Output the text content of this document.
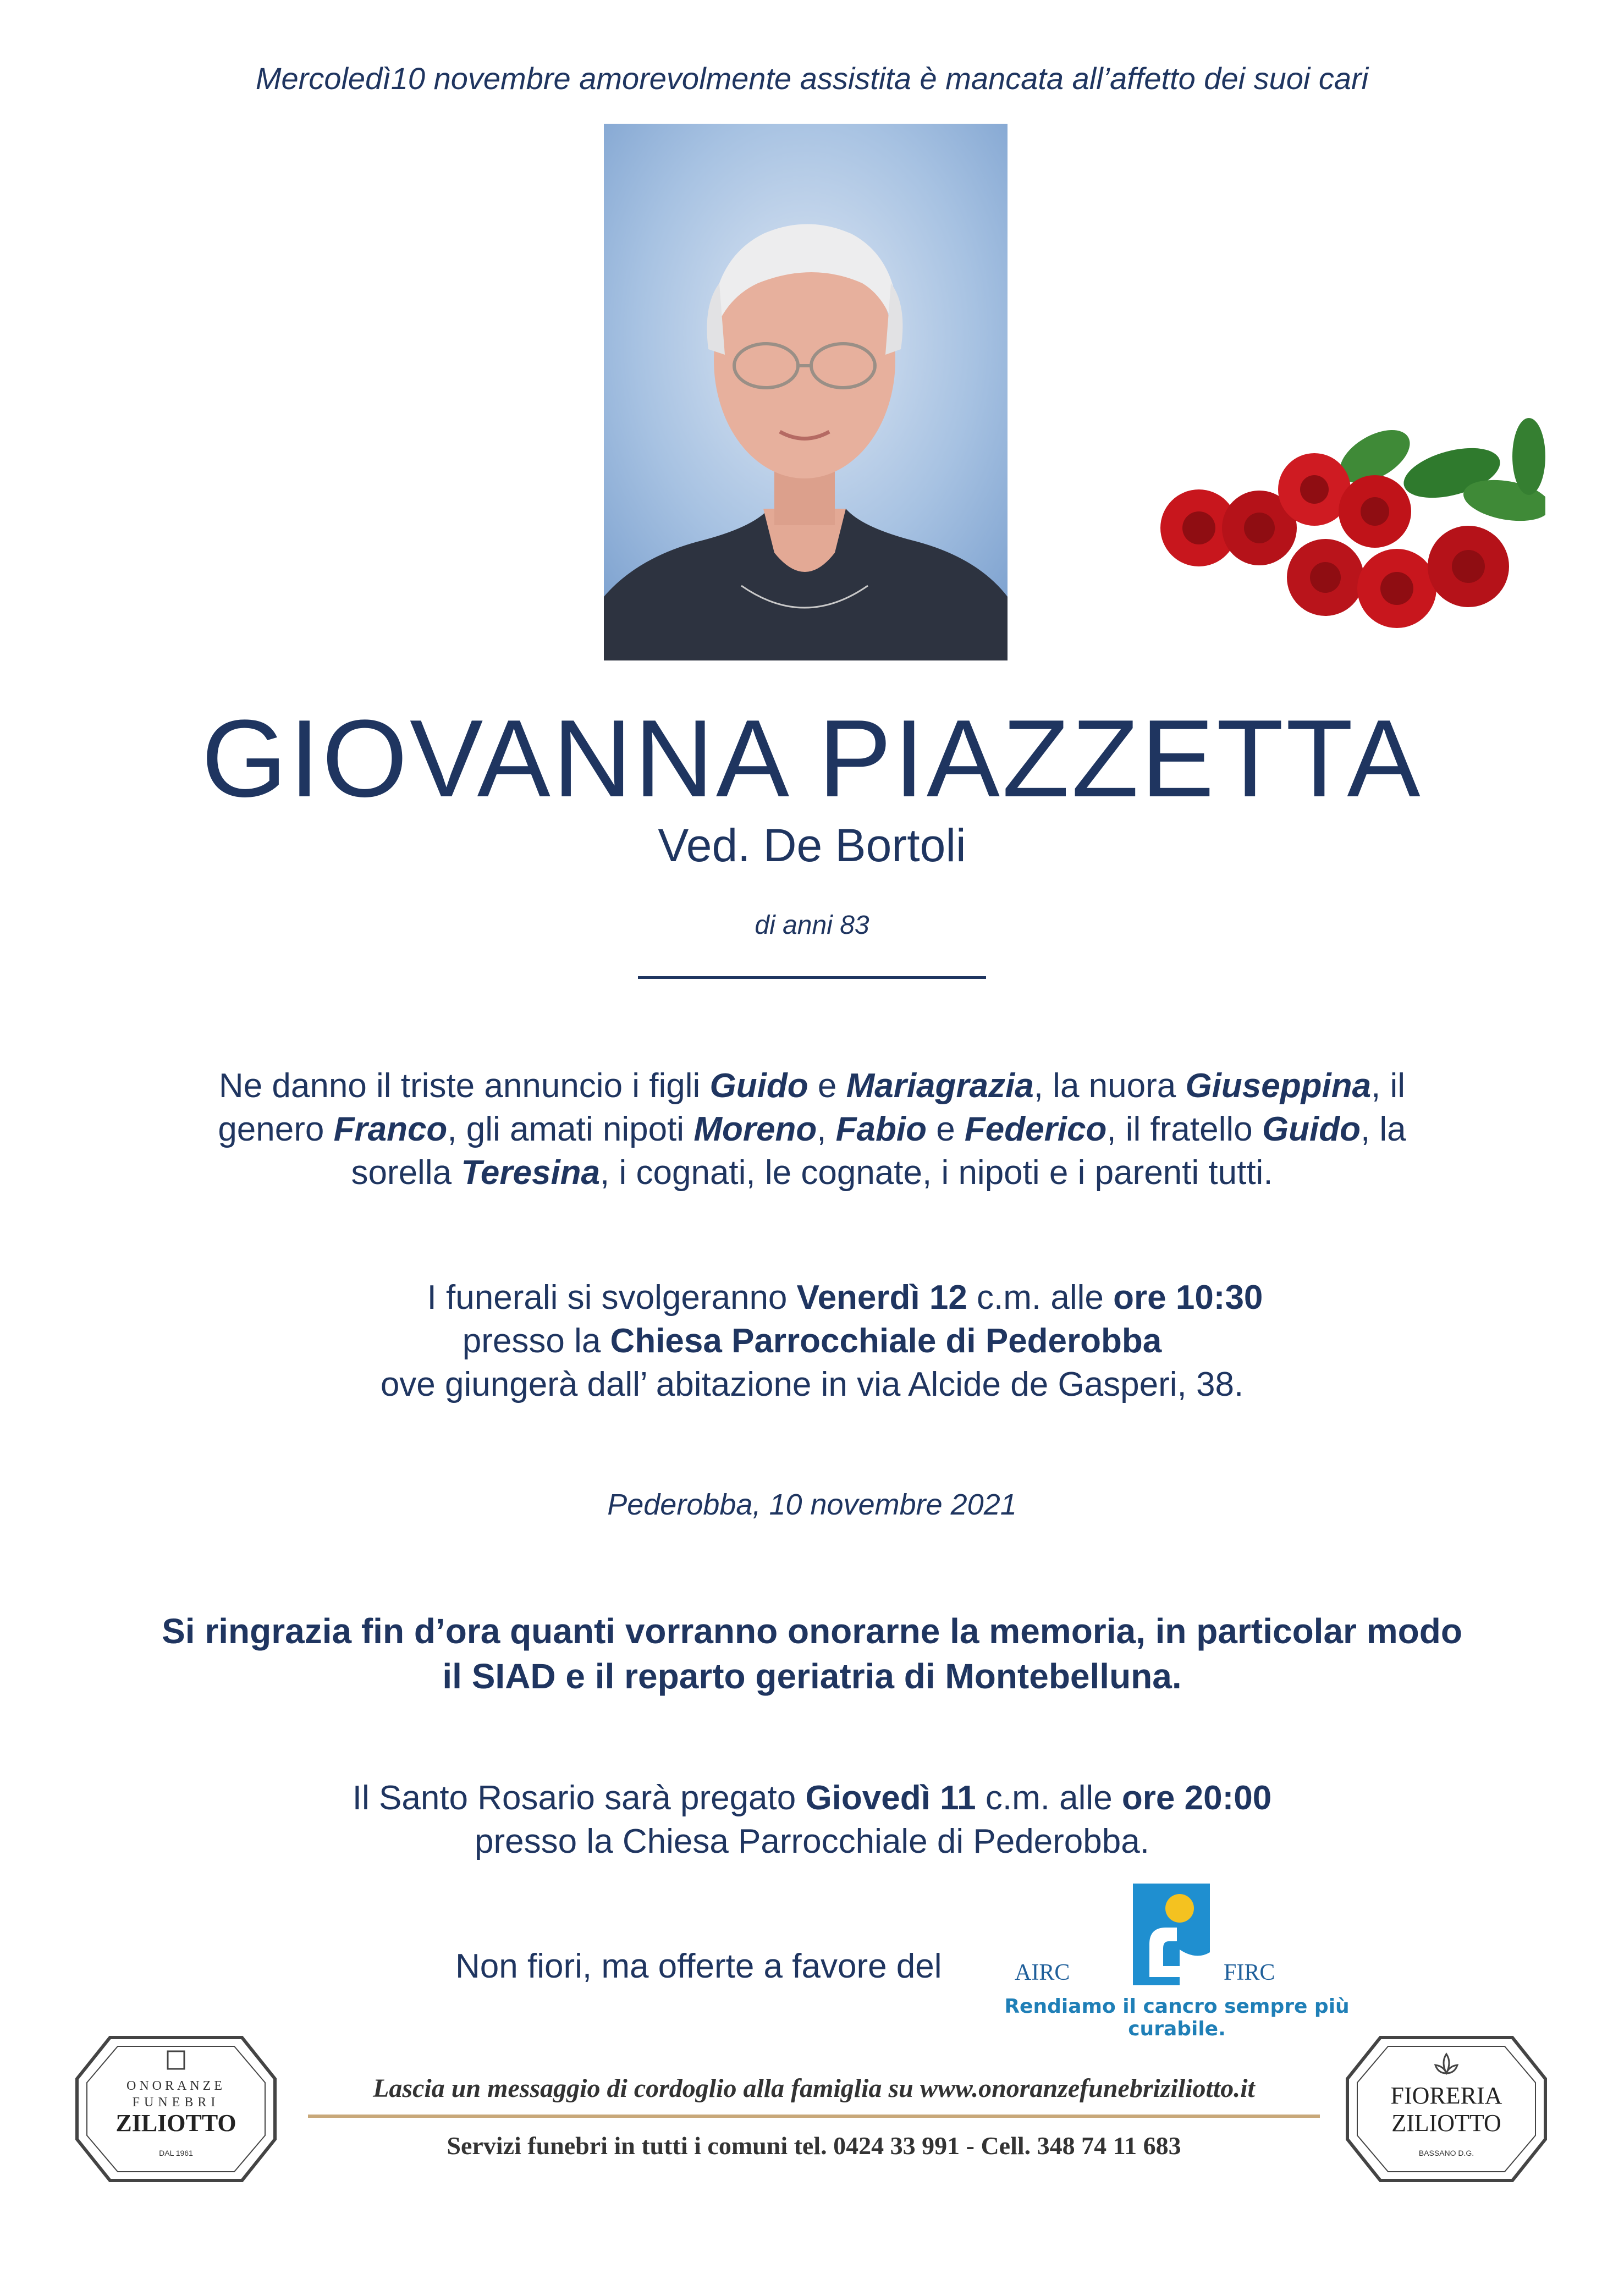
Mercoledì10 novembre amorevolmente assistita è mancata all’affetto dei suoi cari
GIOVANNA PIAZZETTA
Ved. De Bortoli
di anni 83
Ne danno il triste annuncio i figli Guido e Mariagrazia, la nuora Giuseppina, il
genero Franco, gli amati nipoti Moreno, Fabio e Federico, il fratello Guido, la
sorella Teresina, i cognati, le cognate, i nipoti e i parenti tutti.
I funerali si svolgeranno Venerdì 12 c.m. alle ore 10:30
presso la Chiesa Parrocchiale di Pederobba
ove giungerà dall’ abitazione in via Alcide de Gasperi, 38.
Pederobba, 10 novembre 2021
Si ringrazia fin d’ora quanti vorranno onorarne la memoria, in particolar modo
il SIAD e il reparto geriatria di Montebelluna.
Il Santo Rosario sarà pregato Giovedì 11 c.m. alle ore 20:00
presso la Chiesa Parrocchiale di Pederobba.
Non fiori, ma offerte a favore del	AIRC	FIRC
Rendiamo il cancro sempre più curabile.
ONORANZE
FUNEBRI
ZILIOTTO
DAL 1961
Lascia un messaggio di cordoglio alla famiglia su www.onoranzefunebriziliotto.it
Servizi funebri in tutti i comuni tel. 0424 33 991 - Cell. 348 74 11 683
FIORERIA
ZILIOTTO
BASSANO D.G.
